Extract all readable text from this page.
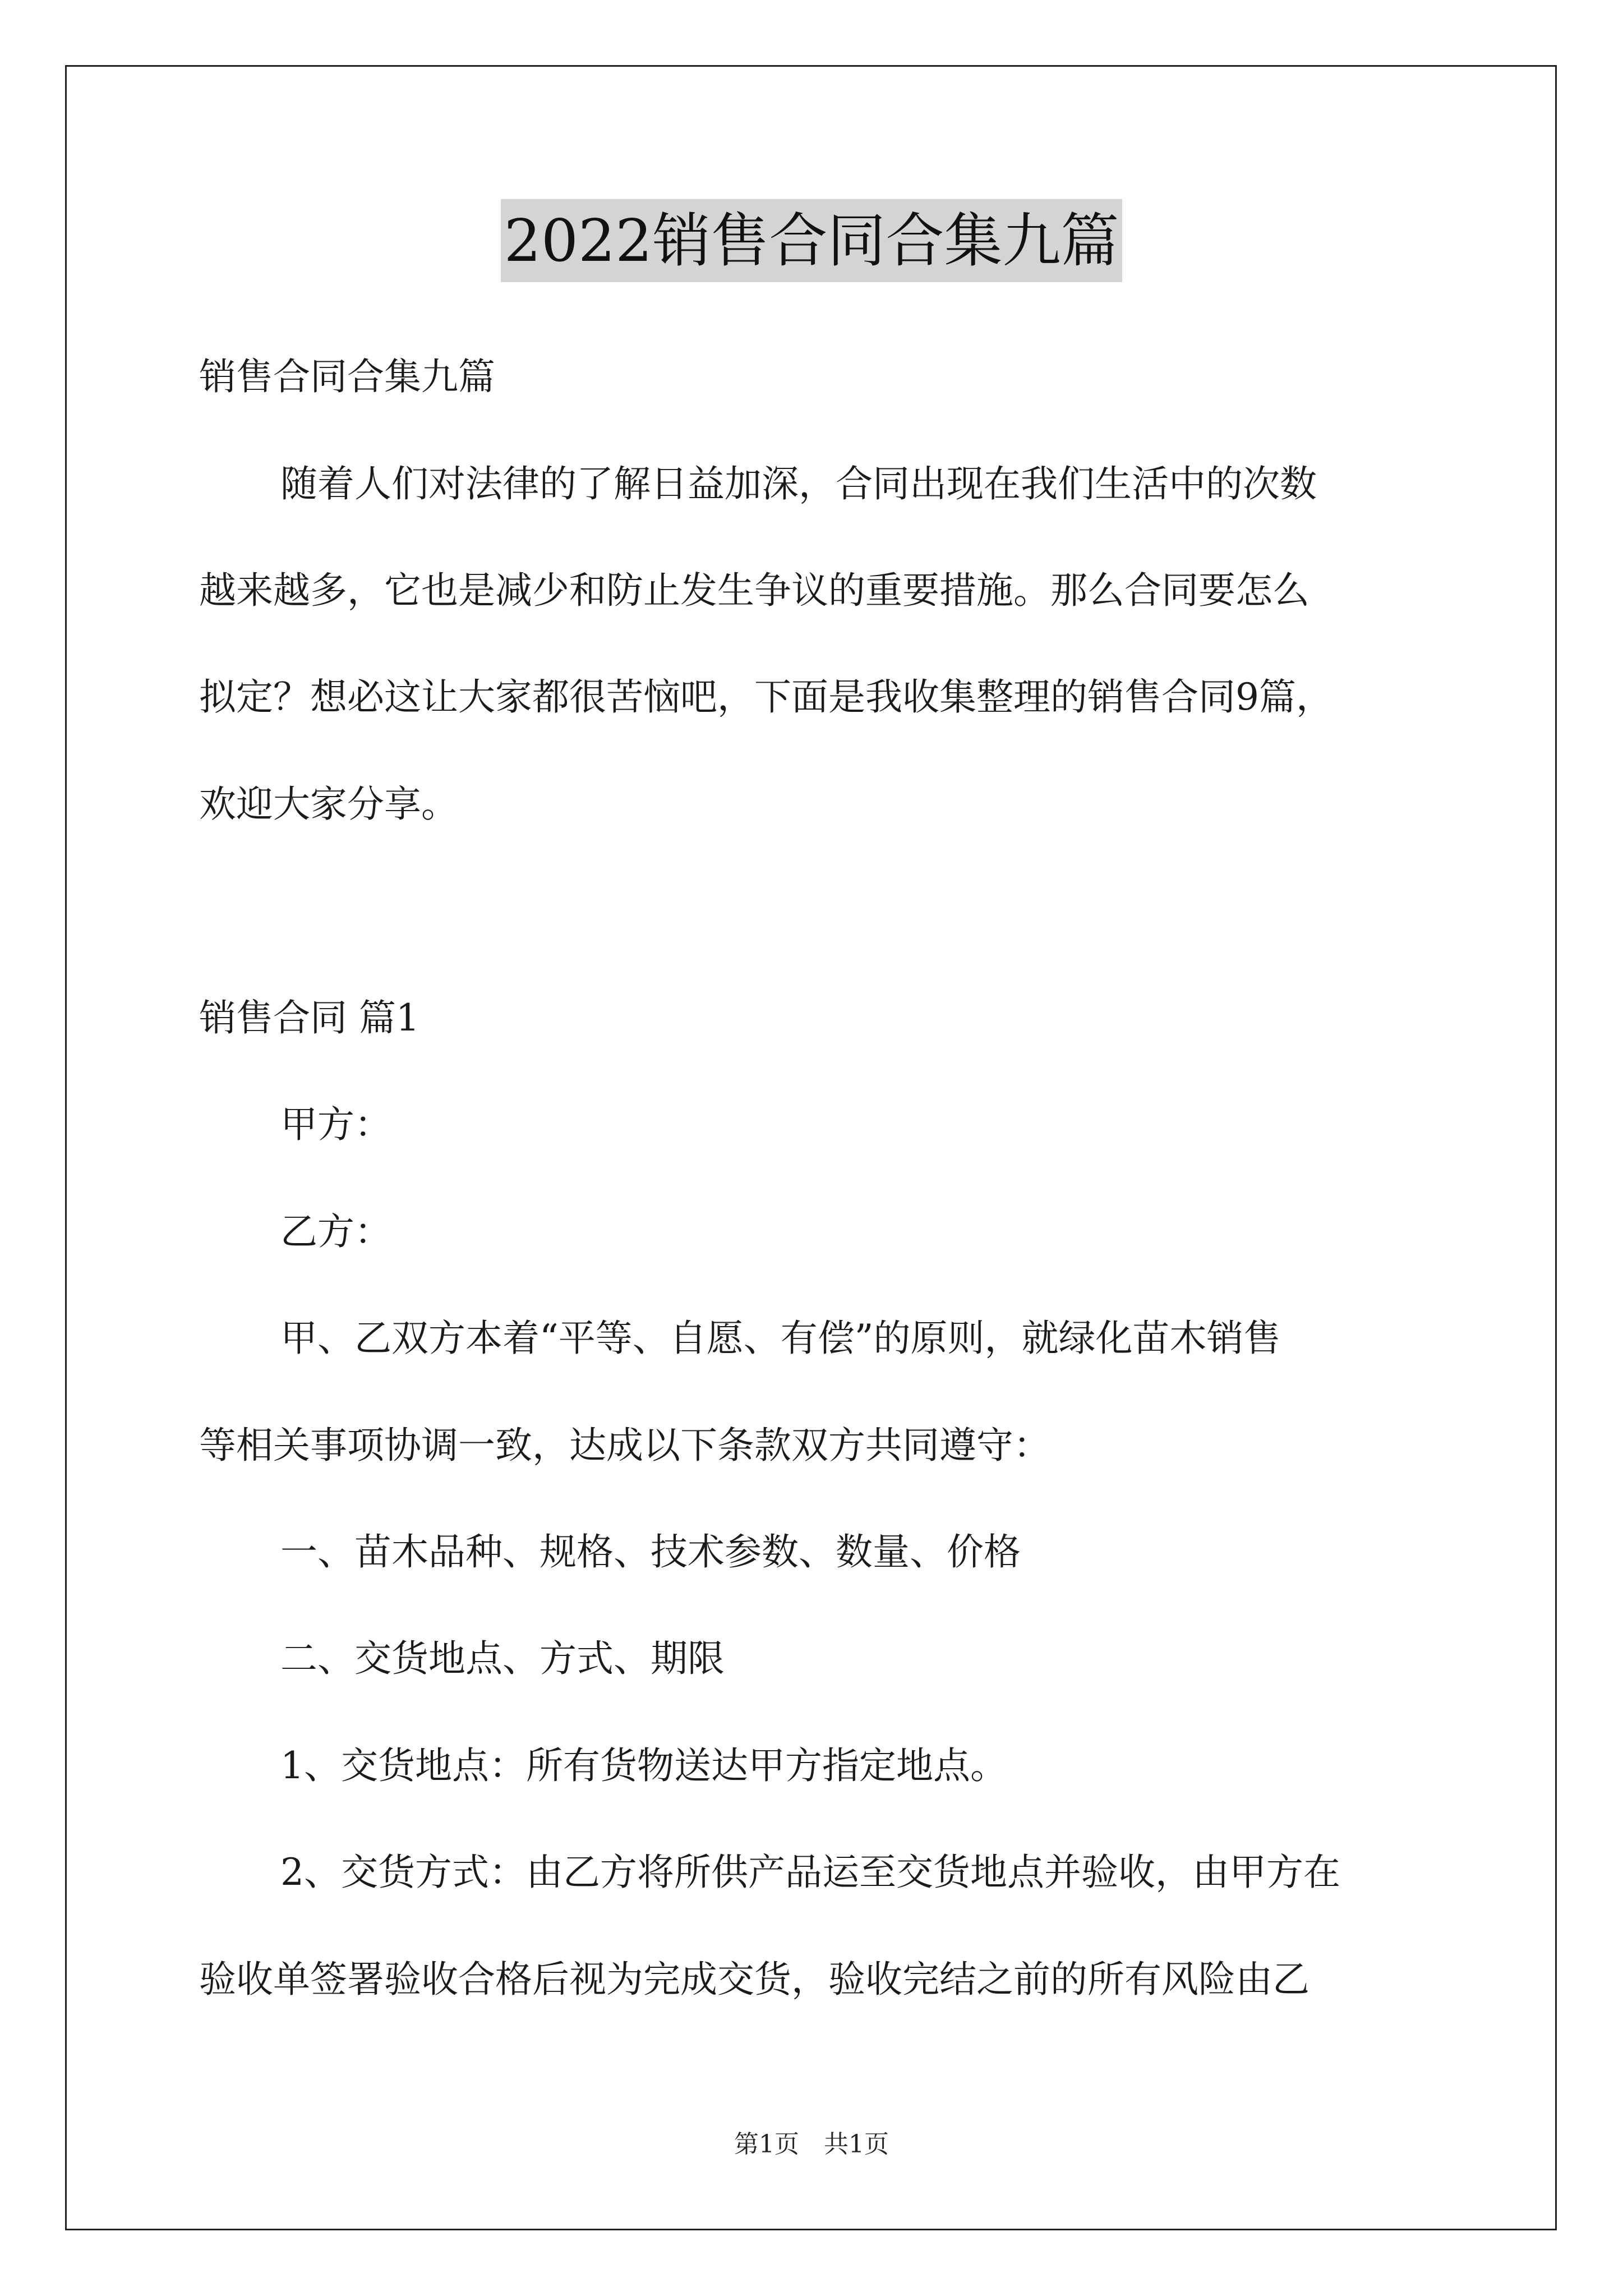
2022销售合同合集九篇
销售合同合集九篇
随着人们对法律的了解日益加深，合同出现在我们生活中的次数
越来越多，它也是减少和防止发生争议的重要措施。那么合同要怎么
拟定？想必这让大家都很苦恼吧，下面是我收集整理的销售合同9篇，
欢迎大家分享。
销售合同 篇1
甲方：
乙方：
甲、乙双方本着“平等、自愿、有偿”的原则，就绿化苗木销售
等相关事项协调一致，达成以下条款双方共同遵守：
一、苗木品种、规格、技术参数、数量、价格
二、交货地点、方式、期限
1、交货地点：所有货物送达甲方指定地点。
2、交货方式：由乙方将所供产品运至交货地点并验收，由甲方在
验收单签署验收合格后视为完成交货，验收完结之前的所有风险由乙
第1页　共1页
